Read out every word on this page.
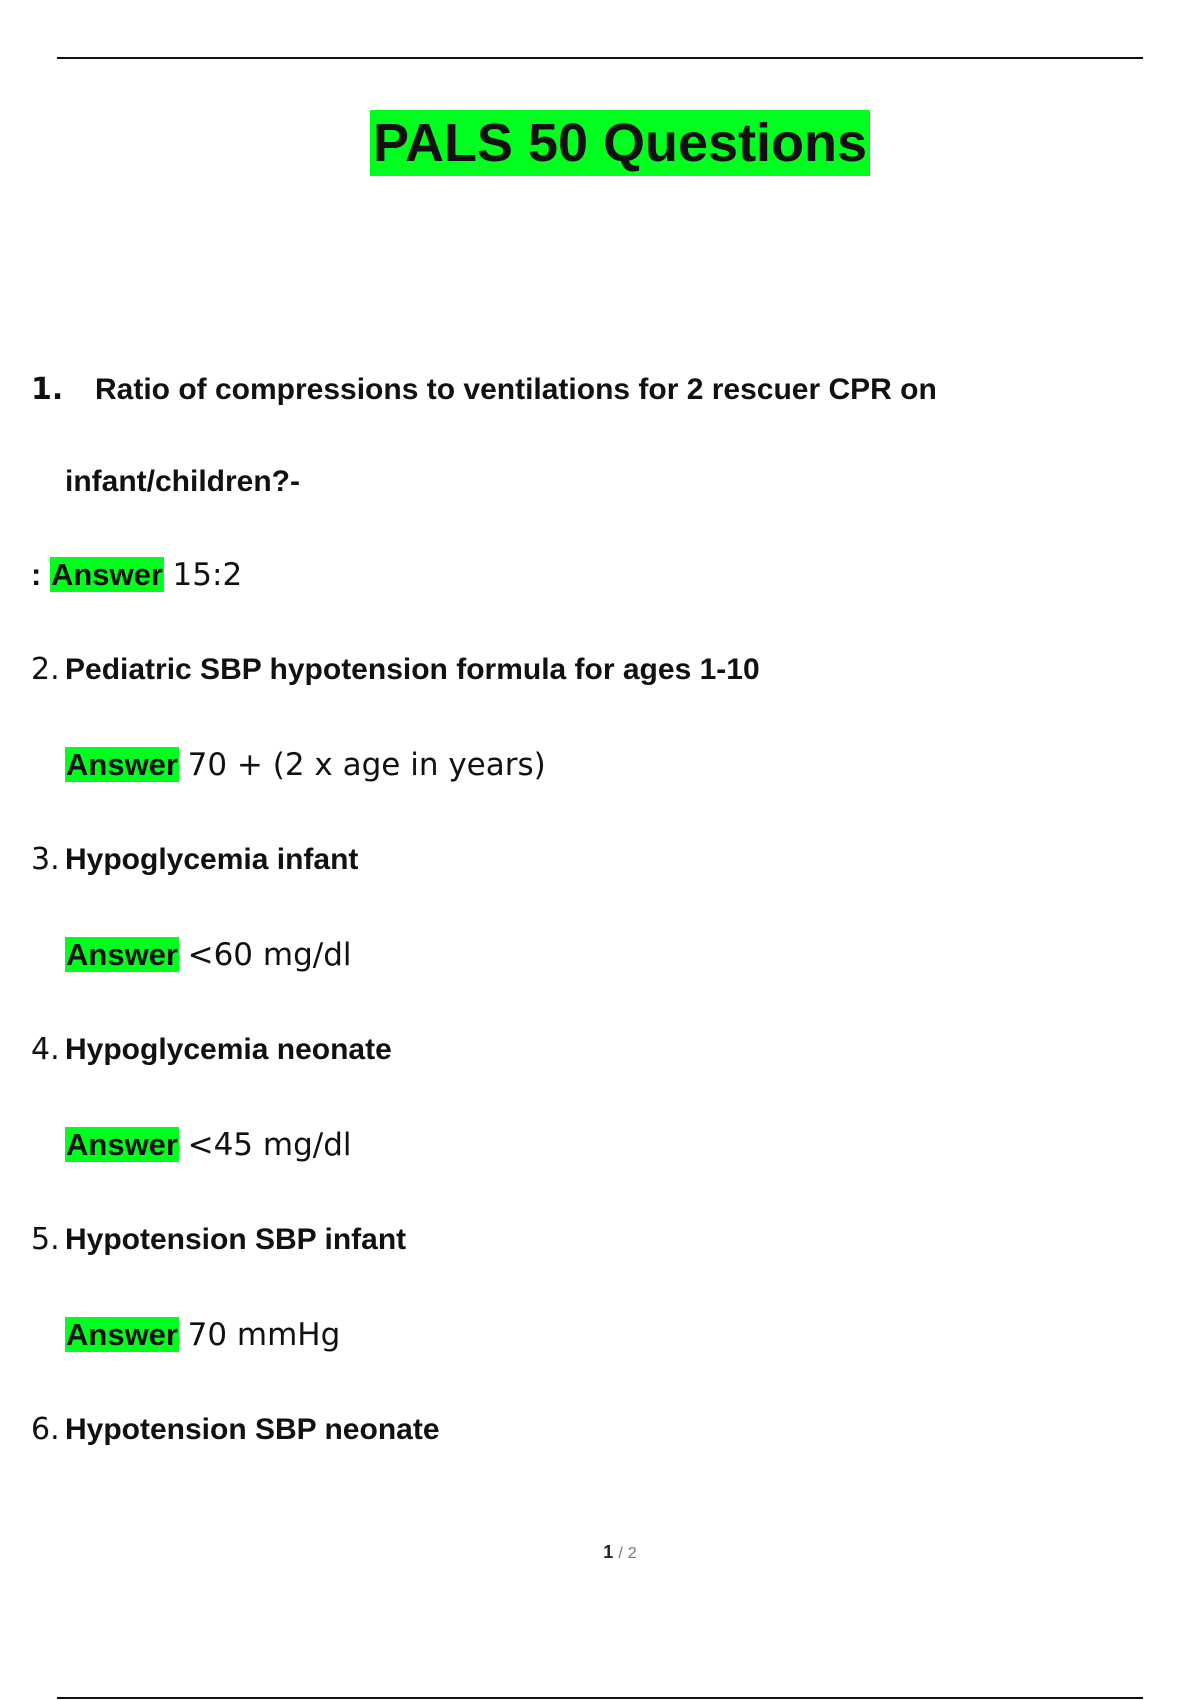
PALS 50 Questions
1. Ratio of compressions to ventilations for 2 rescuer CPR on
infant/children?-
: Answer 15:2
2. Pediatric SBP hypotension formula for ages 1-10
Answer 70 + (2 x age in years)
3. Hypoglycemia infant
Answer <60 mg/dl
4. Hypoglycemia neonate
Answer <45 mg/dl
5. Hypotension SBP infant
Answer 70 mmHg
6. Hypotension SBP neonate
1 / 2
